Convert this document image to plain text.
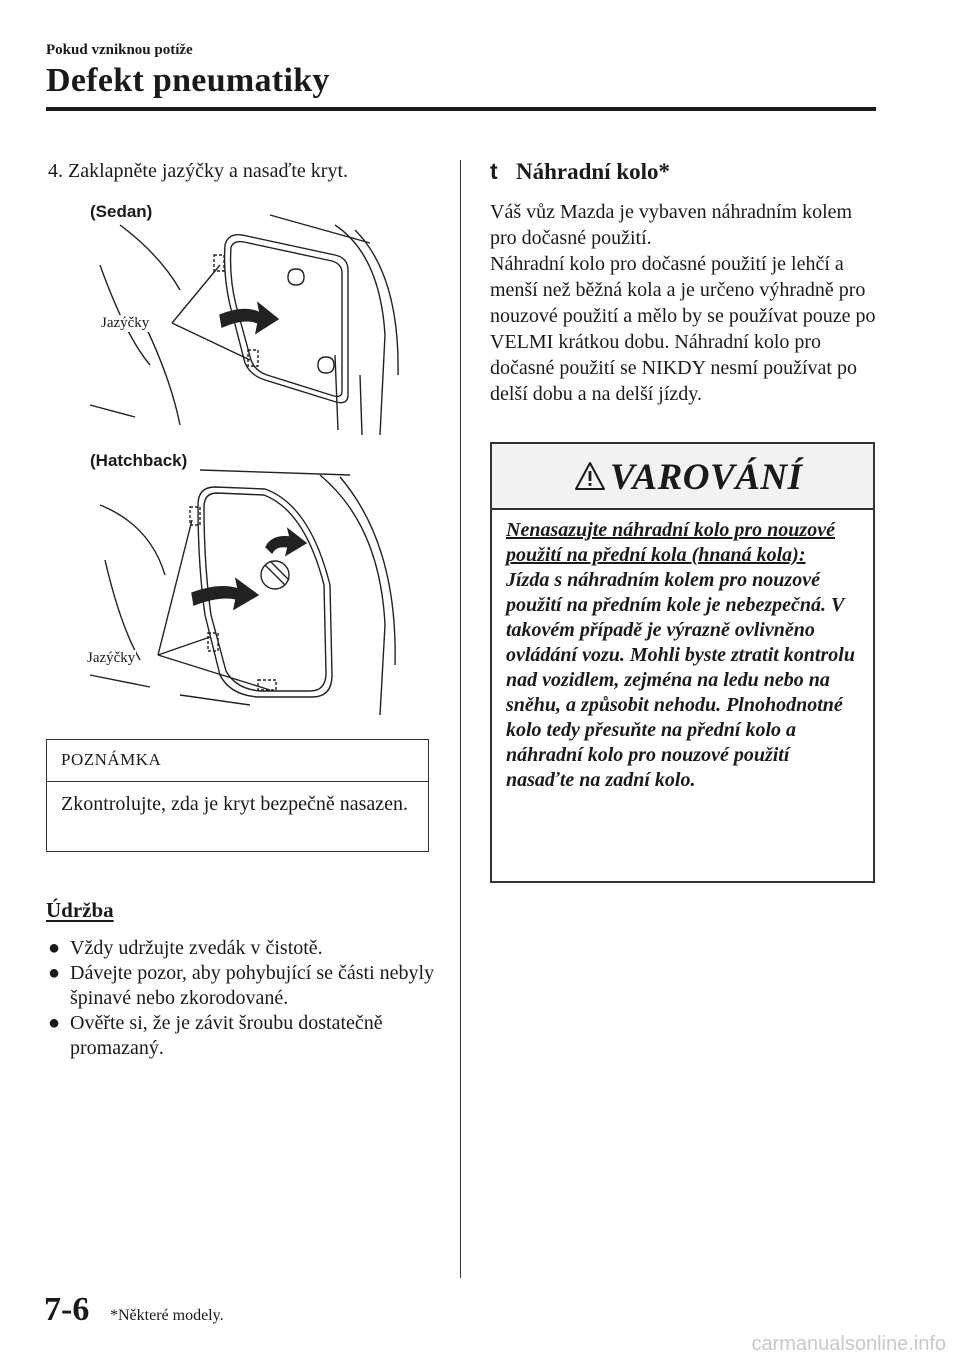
Pokud vzniknou potíže
Defekt pneumatiky
4. Zaklapněte jazýčky a nasaďte kryt.
(Sedan)
Jazýčky
(Hatchback)
Jazýčky
POZNÁMKA
Zkontrolujte, zda je kryt bezpečně nasazen.
Údržba
● Vždy udržujte zvedák v čistotě.
● Dávejte pozor, aby pohybující se části nebyly špinavé nebo zkorodované.
● Ověřte si, že je závit šroubu dostatečně promazaný.
t Náhradní kolo*
Váš vůz Mazda je vybaven náhradním kolem pro dočasné použití.
Náhradní kolo pro dočasné použití je lehčí a menší než běžná kola a je určeno výhradně pro nouzové použití a mělo by se používat pouze po VELMI krátkou dobu. Náhradní kolo pro dočasné použití se NIKDY nesmí používat po delší dobu a na delší jízdy.
VAROVÁNÍ
Nenasazujte náhradní kolo pro nouzové použití na přední kola (hnaná kola):
Jízda s náhradním kolem pro nouzové použití na předním kole je nebezpečná. V takovém případě je výrazně ovlivněno ovládání vozu. Mohli byste ztratit kontrolu nad vozidlem, zejména na ledu nebo na sněhu, a způsobit nehodu. Plnohodnotné kolo tedy přesuňte na přední kolo a náhradní kolo pro nouzové použití nasaďte na zadní kolo.
7-6 *Některé modely.
carmanualsonline.info
